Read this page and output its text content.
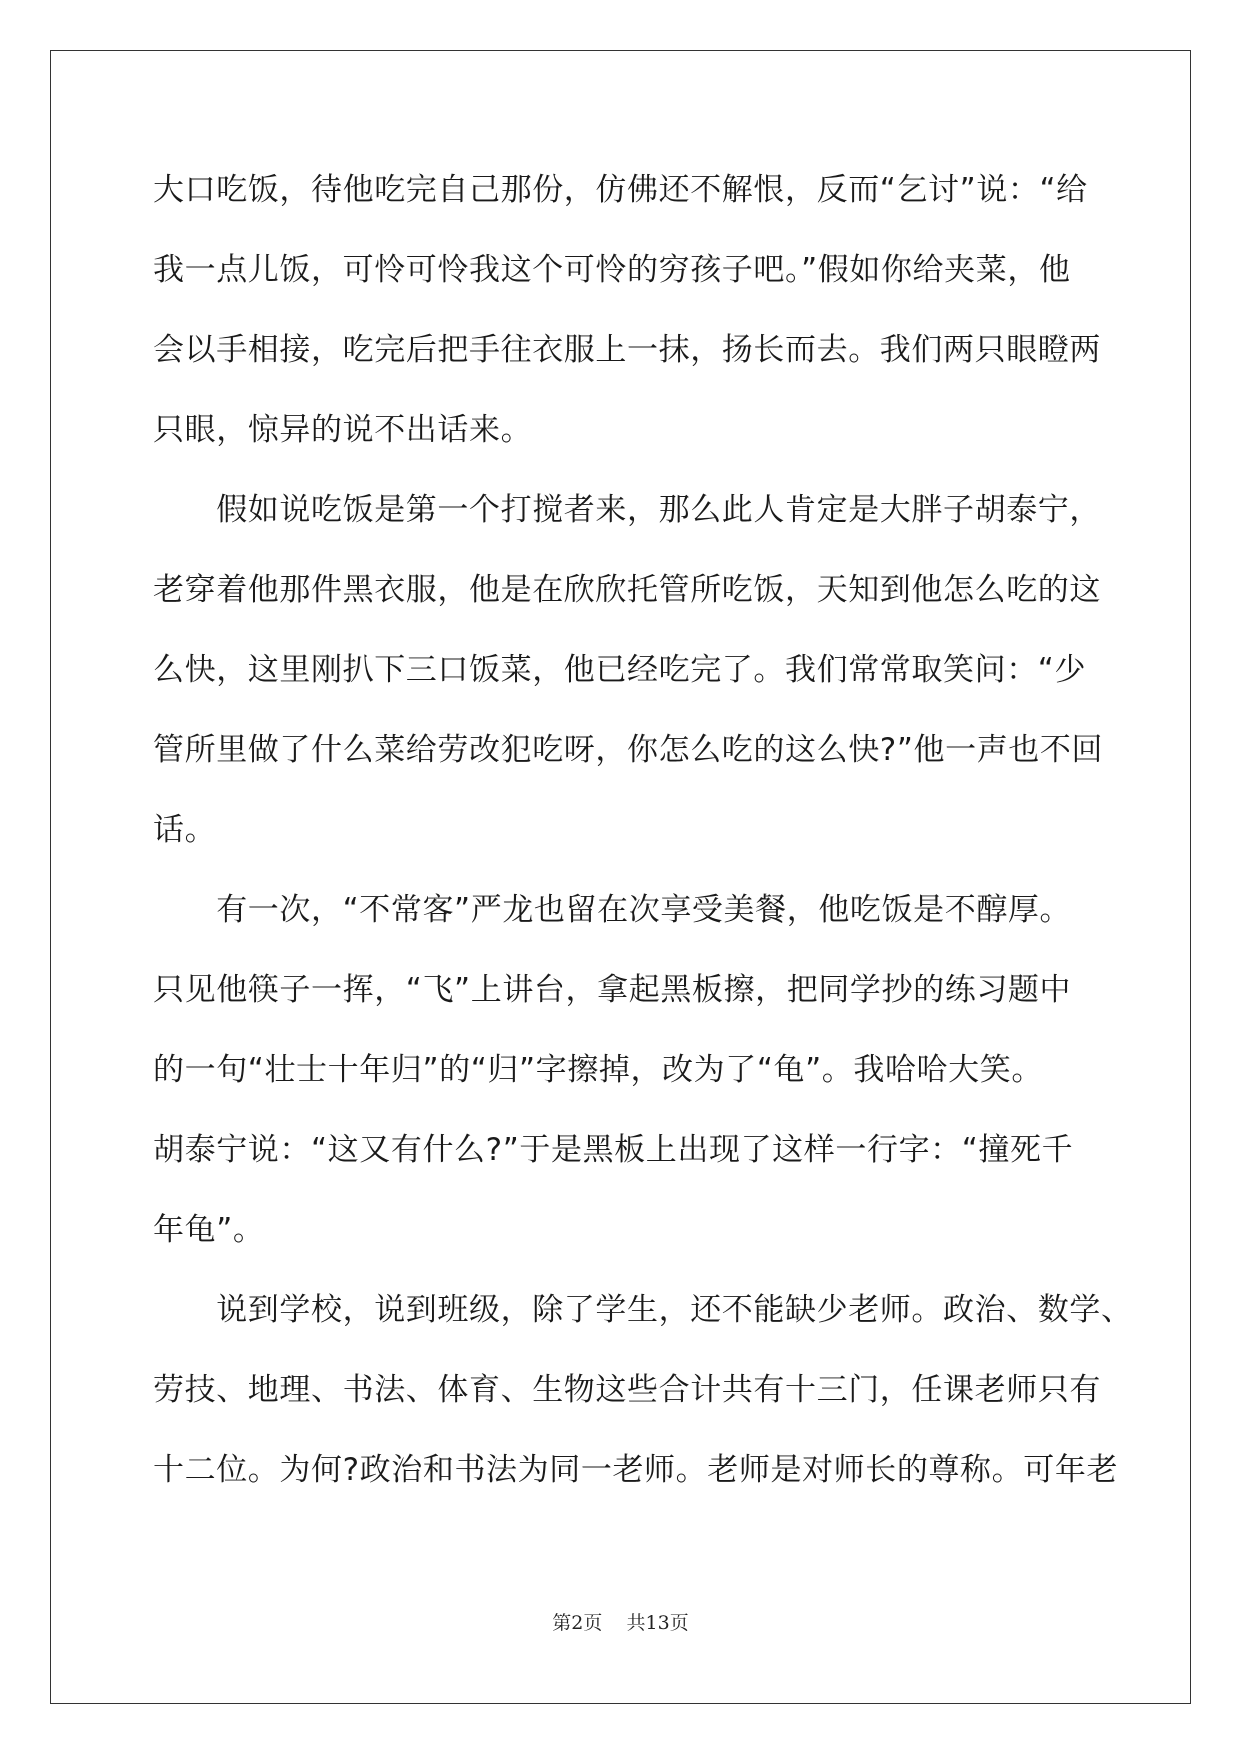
大口吃饭，待他吃完自己那份，仿佛还不解恨，反而“乞讨”说：“给
我一点儿饭，可怜可怜我这个可怜的穷孩子吧。”假如你给夹菜，他
会以手相接，吃完后把手往衣服上一抹，扬长而去。我们两只眼瞪两
只眼，惊异的说不出话来。
　　假如说吃饭是第一个打搅者来，那么此人肯定是大胖子胡泰宁，
老穿着他那件黑衣服，他是在欣欣托管所吃饭，天知到他怎么吃的这
么快，这里刚扒下三口饭菜，他已经吃完了。我们常常取笑问：“少
管所里做了什么菜给劳改犯吃呀，你怎么吃的这么快?”他一声也不回
话。
　　有一次，“不常客”严龙也留在次享受美餐，他吃饭是不醇厚。
只见他筷子一挥，“飞”上讲台，拿起黑板擦，把同学抄的练习题中
的一句“壮士十年归”的“归”字擦掉，改为了“龟”。我哈哈大笑。
胡泰宁说：“这又有什么?”于是黑板上出现了这样一行字：“撞死千
年龟”。
　　说到学校，说到班级，除了学生，还不能缺少老师。政治、数学、
劳技、地理、书法、体育、生物这些合计共有十三门，任课老师只有
十二位。为何?政治和书法为同一老师。老师是对师长的尊称。可年老
第2页 共13页
